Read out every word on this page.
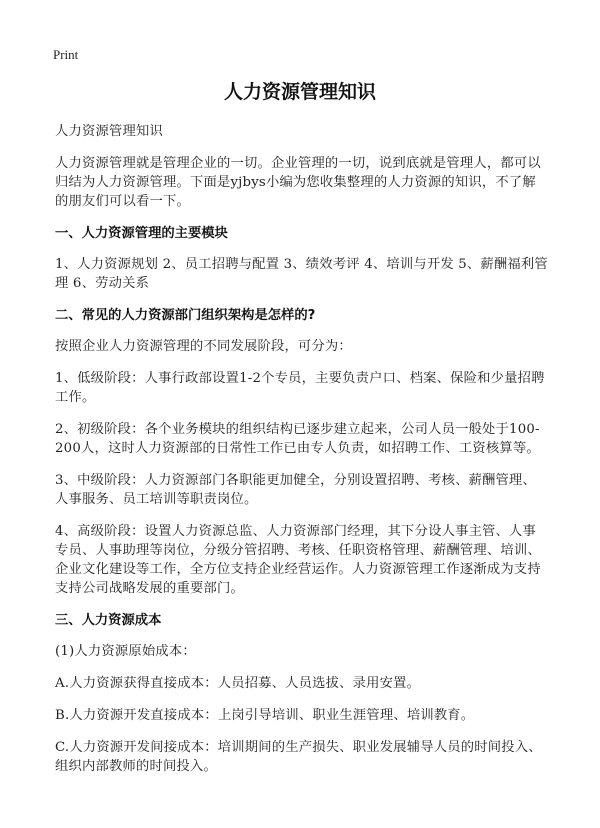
Print
人力资源管理知识

人力资源管理知识

人力资源管理就是管理企业的一切。企业管理的一切，说到底就是管理人，都可以归结为人力资源管理。下面是yjbys小编为您收集整理的人力资源的知识，不了解的朋友们可以看一下。

一、人力资源管理的主要模块

1、人力资源规划 2、员工招聘与配置 3、绩效考评 4、培训与开发 5、薪酬福利管理 6、劳动关系

二、常见的人力资源部门组织架构是怎样的?

按照企业人力资源管理的不同发展阶段，可分为：

1、低级阶段：人事行政部设置1-2个专员，主要负责户口、档案、保险和少量招聘工作。

2、初级阶段：各个业务模块的组织结构已逐步建立起来，公司人员一般处于100-200人，这时人力资源部的日常性工作已由专人负责，如招聘工作、工资核算等。

3、中级阶段：人力资源部门各职能更加健全，分别设置招聘、考核、薪酬管理、人事服务、员工培训等职责岗位。

4、高级阶段：设置人力资源总监、人力资源部门经理，其下分设人事主管、人事专员、人事助理等岗位，分级分管招聘、考核、任职资格管理、薪酬管理、培训、企业文化建设等工作，全方位支持企业经营运作。人力资源管理工作逐渐成为支持支持公司战略发展的重要部门。

三、人力资源成本

(1)人力资源原始成本：

A.人力资源获得直接成本：人员招募、人员选拔、录用安置。

B.人力资源开发直接成本：上岗引导培训、职业生涯管理、培训教育。

C.人力资源开发间接成本：培训期间的生产损失、职业发展辅导人员的时间投入、组织内部教师的时间投入。
